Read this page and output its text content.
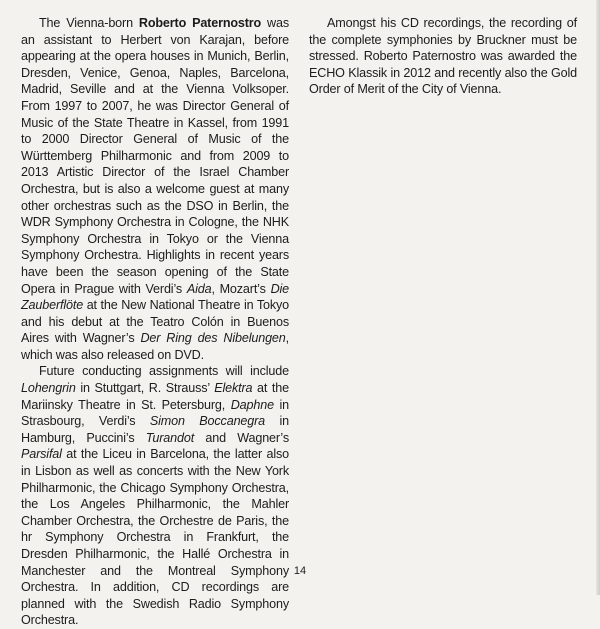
The Vienna-born Roberto Paternostro was an assistant to Herbert von Karajan, before appearing at the opera houses in Munich, Berlin, Dresden, Venice, Genoa, Naples, Barcelona, Madrid, Seville and at the Vienna Volksoper. From 1997 to 2007, he was Director General of Music of the State Theatre in Kassel, from 1991 to 2000 Director General of Music of the Württemberg Philharmonic and from 2009 to 2013 Artistic Director of the Israel Chamber Orchestra, but is also a welcome guest at many other orchestras such as the DSO in Berlin, the WDR Symphony Orchestra in Cologne, the NHK Symphony Orchestra in Tokyo or the Vienna Symphony Orchestra. Highlights in recent years have been the season opening of the State Opera in Prague with Verdi’s Aida, Mozart’s Die Zauberflöte at the New National Theatre in Tokyo and his debut at the Teatro Colón in Buenos Aires with Wagner’s Der Ring des Nibelungen, which was also released on DVD.

Future conducting assignments will include Lohengrin in Stuttgart, R. Strauss’ Elektra at the Mariinsky Theatre in St. Petersburg, Daphne in Strasbourg, Verdi’s Simon Boccanegra in Hamburg, Puccini’s Turandot and Wagner’s Parsifal at the Liceu in Barcelona, the latter also in Lisbon as well as concerts with the New York Philharmonic, the Chicago Symphony Orchestra, the Los Angeles Philharmonic, the Mahler Chamber Orchestra, the Orchestre de Paris, the hr Symphony Orchestra in Frankfurt, the Dresden Philharmonic, the Hallé Orchestra in Manchester and the Montreal Symphony Orchestra. In addition, CD recordings are planned with the Swedish Radio Symphony Orchestra.

Amongst his CD recordings, the recording of the complete symphonies by Bruckner must be stressed. Roberto Paternostro was awarded the ECHO Klassik in 2012 and recently also the Gold Order of Merit of the City of Vienna.

14
